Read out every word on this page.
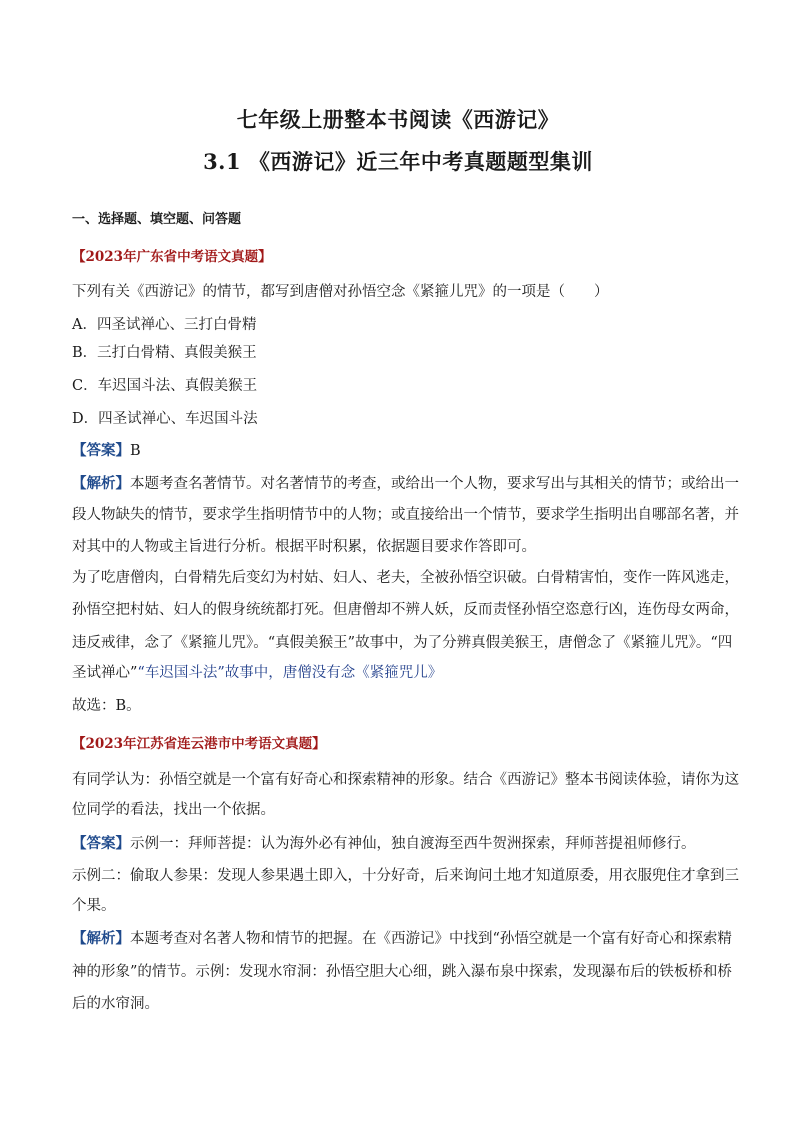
七年级上册整本书阅读《西游记》
3.1 《西游记》近三年中考真题题型集训
一、选择题、填空题、问答题
【2023年广东省中考语文真题】
下列有关《西游记》的情节，都写到唐僧对孙悟空念《紧箍儿咒》的一项是（　　）
A．四圣试禅心、三打白骨精
B．三打白骨精、真假美猴王
C．车迟国斗法、真假美猴王
D．四圣试禅心、车迟国斗法
【答案】B
【解析】本题考查名著情节。对名著情节的考查，或给出一个人物，要求写出与其相关的情节；或给出一
段人物缺失的情节，要求学生指明情节中的人物；或直接给出一个情节，要求学生指明出自哪部名著，并
对其中的人物或主旨进行分析。根据平时积累，依据题目要求作答即可。
为了吃唐僧肉，白骨精先后变幻为村姑、妇人、老夫，全被孙悟空识破。白骨精害怕，变作一阵风逃走，
孙悟空把村姑、妇人的假身统统都打死。但唐僧却不辨人妖，反而责怪孙悟空恣意行凶，连伤母女两命，
违反戒律，念了《紧箍儿咒》。“真假美猴王”故事中，为了分辨真假美猴王，唐僧念了《紧箍儿咒》。“四
圣试禅心”“车迟国斗法”故事中，唐僧没有念《紧箍咒儿》
故选：B。
【2023年江苏省连云港市中考语文真题】
有同学认为：孙悟空就是一个富有好奇心和探索精神的形象。结合《西游记》整本书阅读体验，请你为这
位同学的看法，找出一个依据。
【答案】示例一：拜师菩提：认为海外必有神仙，独自渡海至西牛贺洲探索，拜师菩提祖师修行。
示例二：偷取人参果：发现人参果遇土即入，十分好奇，后来询问土地才知道原委，用衣服兜住才拿到三
个果。
【解析】本题考查对名著人物和情节的把握。在《西游记》中找到“孙悟空就是一个富有好奇心和探索精
神的形象”的情节。示例：发现水帘洞：孙悟空胆大心细，跳入瀑布泉中探索，发现瀑布后的铁板桥和桥
后的水帘洞。
